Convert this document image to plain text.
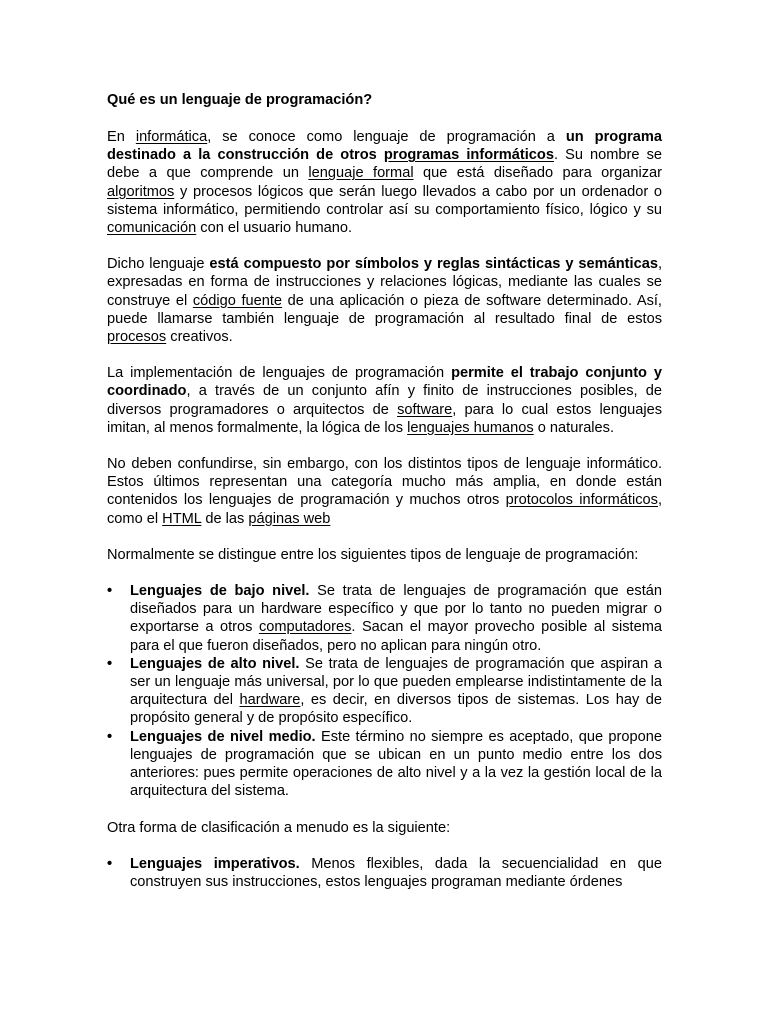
Qué es un lenguaje de programación?

En informática, se conoce como lenguaje de programación a un programa destinado a la construcción de otros programas informáticos. Su nombre se debe a que comprende un lenguaje formal que está diseñado para organizar algoritmos y procesos lógicos que serán luego llevados a cabo por un ordenador o sistema informático, permitiendo controlar así su comportamiento físico, lógico y su comunicación con el usuario humano.

Dicho lenguaje está compuesto por símbolos y reglas sintácticas y semánticas, expresadas en forma de instrucciones y relaciones lógicas, mediante las cuales se construye el código fuente de una aplicación o pieza de software determinado. Así, puede llamarse también lenguaje de programación al resultado final de estos procesos creativos.

La implementación de lenguajes de programación permite el trabajo conjunto y coordinado, a través de un conjunto afín y finito de instrucciones posibles, de diversos programadores o arquitectos de software, para lo cual estos lenguajes imitan, al menos formalmente, la lógica de los lenguajes humanos o naturales.

No deben confundirse, sin embargo, con los distintos tipos de lenguaje informático. Estos últimos representan una categoría mucho más amplia, en donde están contenidos los lenguajes de programación y muchos otros protocolos informáticos, como el HTML de las páginas web

Normalmente se distingue entre los siguientes tipos de lenguaje de programación:

•	Lenguajes de bajo nivel. Se trata de lenguajes de programación que están diseñados para un hardware específico y que por lo tanto no pueden migrar o exportarse a otros computadores. Sacan el mayor provecho posible al sistema para el que fueron diseñados, pero no aplican para ningún otro.
•	Lenguajes de alto nivel. Se trata de lenguajes de programación que aspiran a ser un lenguaje más universal, por lo que pueden emplearse indistintamente de la arquitectura del hardware, es decir, en diversos tipos de sistemas. Los hay de propósito general y de propósito específico.
•	Lenguajes de nivel medio. Este término no siempre es aceptado, que propone lenguajes de programación que se ubican en un punto medio entre los dos anteriores: pues permite operaciones de alto nivel y a la vez la gestión local de la arquitectura del sistema.

Otra forma de clasificación a menudo es la siguiente:

•	Lenguajes imperativos. Menos flexibles, dada la secuencialidad en que construyen sus instrucciones, estos lenguajes programan mediante órdenes
